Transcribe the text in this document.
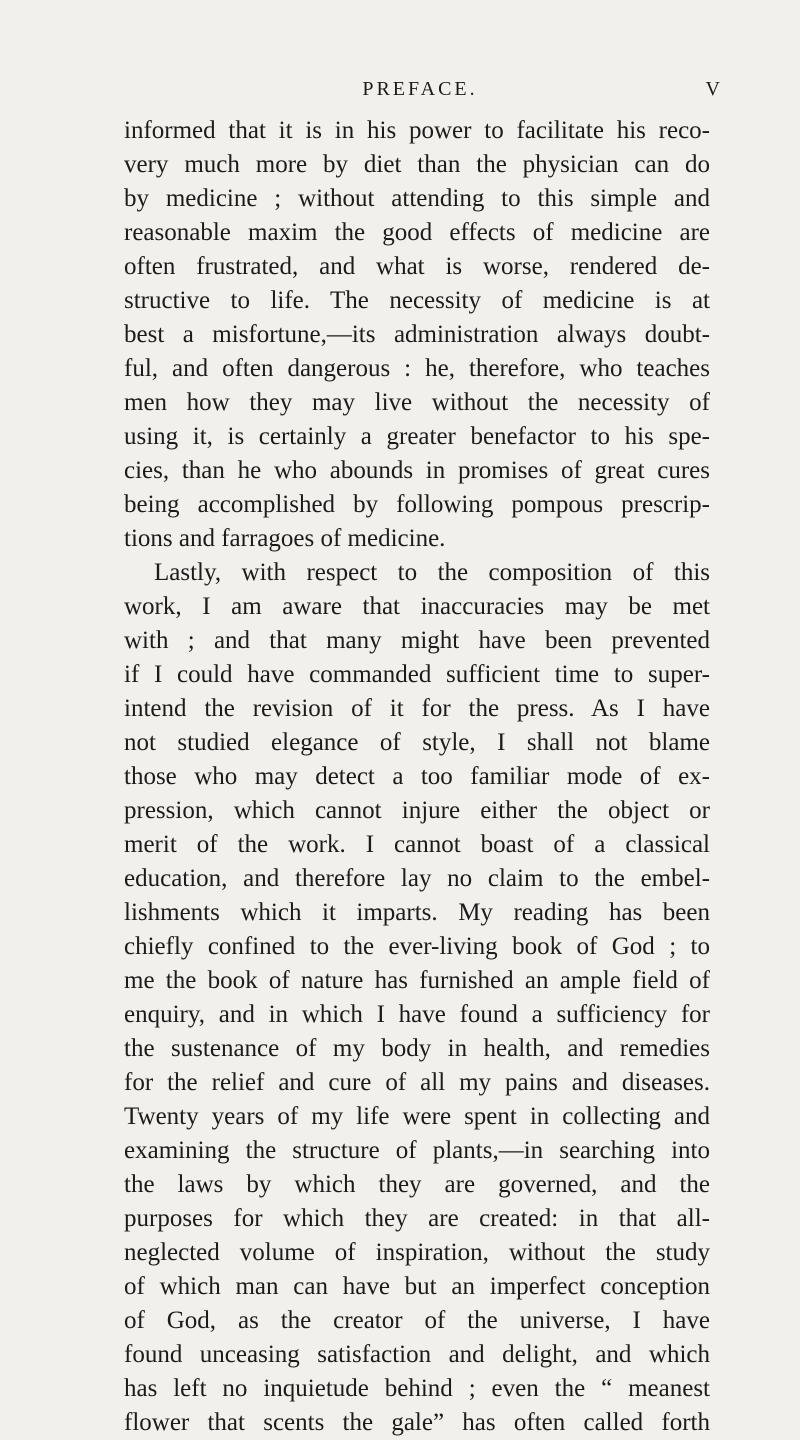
PREFACE.	V
informed that it is in his power to facilitate his reco-
very much more by diet than the physician can do
by medicine ; without attending to this simple and
reasonable maxim the good effects of medicine are
often frustrated, and what is worse, rendered de-
structive to life. The necessity of medicine is at
best a misfortune,—its administration always doubt-
ful, and often dangerous : he, therefore, who teaches
men how they may live without the necessity of
using it, is certainly a greater benefactor to his spe-
cies, than he who abounds in promises of great cures
being accomplished by following pompous prescrip-
tions and farragoes of medicine.
Lastly, with respect to the composition of this
work, I am aware that inaccuracies may be met
with ; and that many might have been prevented
if I could have commanded sufficient time to super-
intend the revision of it for the press. As I have
not studied elegance of style, I shall not blame
those who may detect a too familiar mode of ex-
pression, which cannot injure either the object or
merit of the work. I cannot boast of a classical
education, and therefore lay no claim to the embel-
lishments which it imparts. My reading has been
chiefly confined to the ever-living book of God ; to
me the book of nature has furnished an ample field of
enquiry, and in which I have found a sufficiency for
the sustenance of my body in health, and remedies
for the relief and cure of all my pains and diseases.
Twenty years of my life were spent in collecting and
examining the structure of plants,—in searching into
the laws by which they are governed, and the
purposes for which they are created: in that all-
neglected volume of inspiration, without the study
of which man can have but an imperfect conception
of God, as the creator of the universe, I have
found unceasing satisfaction and delight, and which
has left no inquietude behind ; even the “ meanest
flower that scents the gale” has often called forth
